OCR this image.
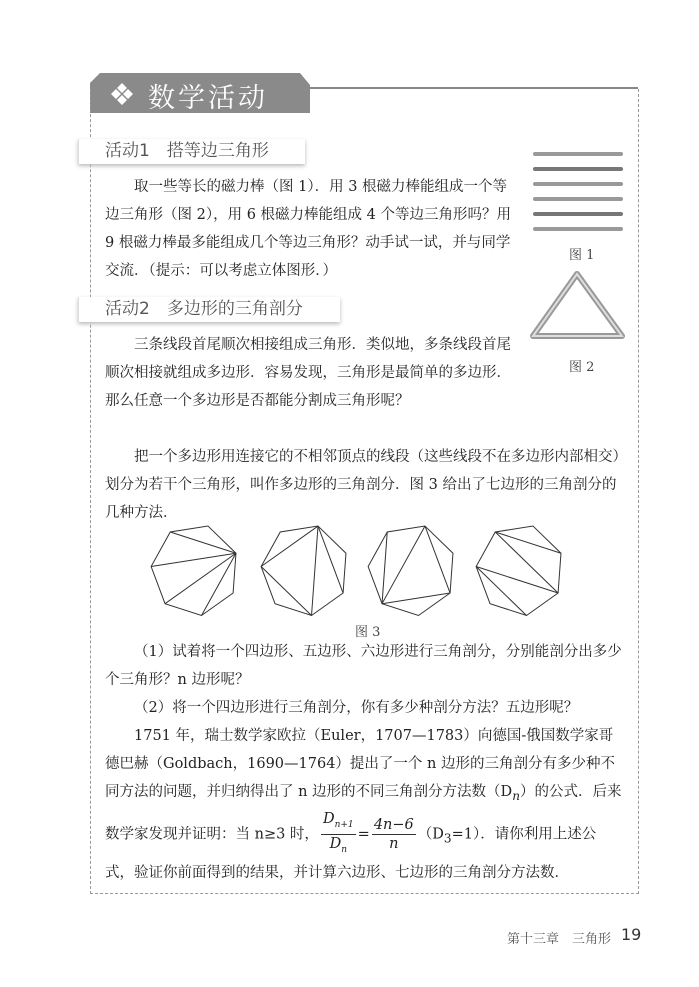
数学活动
活动1　搭等边三角形

取一些等长的磁力棒（图 1）．用 3 根磁力棒能组成一个等边三角形（图 2），用 6 根磁力棒能组成 4 个等边三角形吗？用 9 根磁力棒最多能组成几个等边三角形？动手试一试，并与同学交流．（提示：可以考虑立体图形．）

图 1
图 2
活动2　多边形的三角剖分

三条线段首尾顺次相接组成三角形．类似地，多条线段首尾顺次相接就组成多边形．容易发现，三角形是最简单的多边形．那么任意一个多边形是否都能分割成三角形呢？

把一个多边形用连接它的不相邻顶点的线段（这些线段不在多边形内部相交）划分为若干个三角形，叫作多边形的三角剖分．图 3 给出了七边形的三角剖分的几种方法．

图 3

（1）试着将一个四边形、五边形、六边形进行三角剖分，分别能剖分出多少个三角形？n 边形呢？

（2）将一个四边形进行三角剖分，你有多少种剖分方法？五边形呢？

1751 年，瑞士数学家欧拉（Euler，1707—1783）向德国-俄国数学家哥德巴赫（Goldbach，1690—1764）提出了一个 n 边形的三角剖分有多少种不同方法的问题，并归纳得出了 n 边形的不同三角剖分方法数$(D_n)$的公式．后来数学家发现并证明：当 n≥3 时， $\frac{D_{n+1}}{D_n} = \frac{4n-6}{n} (D_3=1)$．请你利用上述公式，验证你前面得到的结果，并计算六边形、七边形的三角剖分方法数．

第十三章　三角形 19
